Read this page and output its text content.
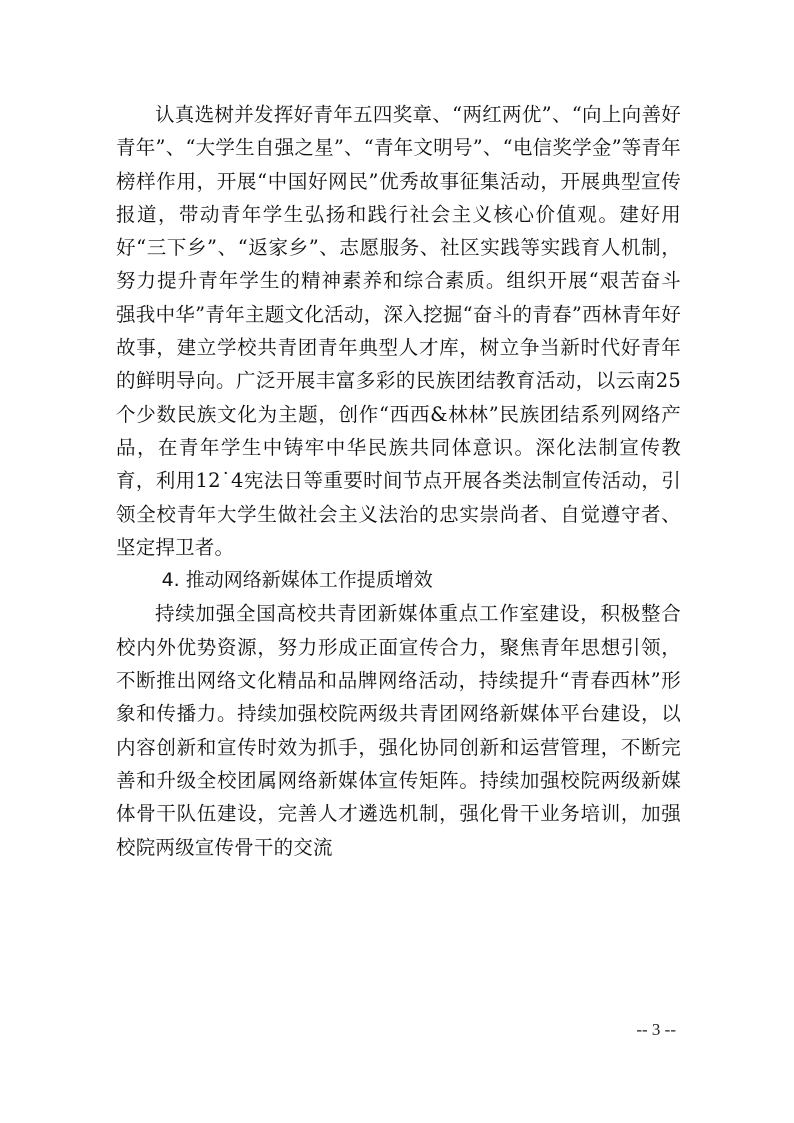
认真选树并发挥好青年五四奖章、“两红两优”、“向上向善好青年”、“大学生自强之星”、“青年文明号”、“电信奖学金”等青年榜样作用，开展“中国好网民”优秀故事征集活动，开展典型宣传报道，带动青年学生弘扬和践行社会主义核心价值观。建好用好“三下乡”、“返家乡”、志愿服务、社区实践等实践育人机制，努力提升青年学生的精神素养和综合素质。组织开展“艰苦奋斗 强我中华”青年主题文化活动，深入挖掘“奋斗的青春”西林青年好故事，建立学校共青团青年典型人才库，树立争当新时代好青年的鲜明导向。广泛开展丰富多彩的民族团结教育活动，以云南25个少数民族文化为主题，创作“西西&林林”民族团结系列网络产品，在青年学生中铸牢中华民族共同体意识。深化法制宣传教育，利用12˙4宪法日等重要时间节点开展各类法制宣传活动，引领全校青年大学生做社会主义法治的忠实崇尚者、自觉遵守者、坚定捍卫者。

4. 推动网络新媒体工作提质增效

持续加强全国高校共青团新媒体重点工作室建设，积极整合校内外优势资源，努力形成正面宣传合力，聚焦青年思想引领，不断推出网络文化精品和品牌网络活动，持续提升“青春西林”形象和传播力。持续加强校院两级共青团网络新媒体平台建设，以内容创新和宣传时效为抓手，强化协同创新和运营管理，不断完善和升级全校团属网络新媒体宣传矩阵。持续加强校院两级新媒体骨干队伍建设，完善人才遴选机制，强化骨干业务培训，加强校院两级宣传骨干的交流

-- 3 --
